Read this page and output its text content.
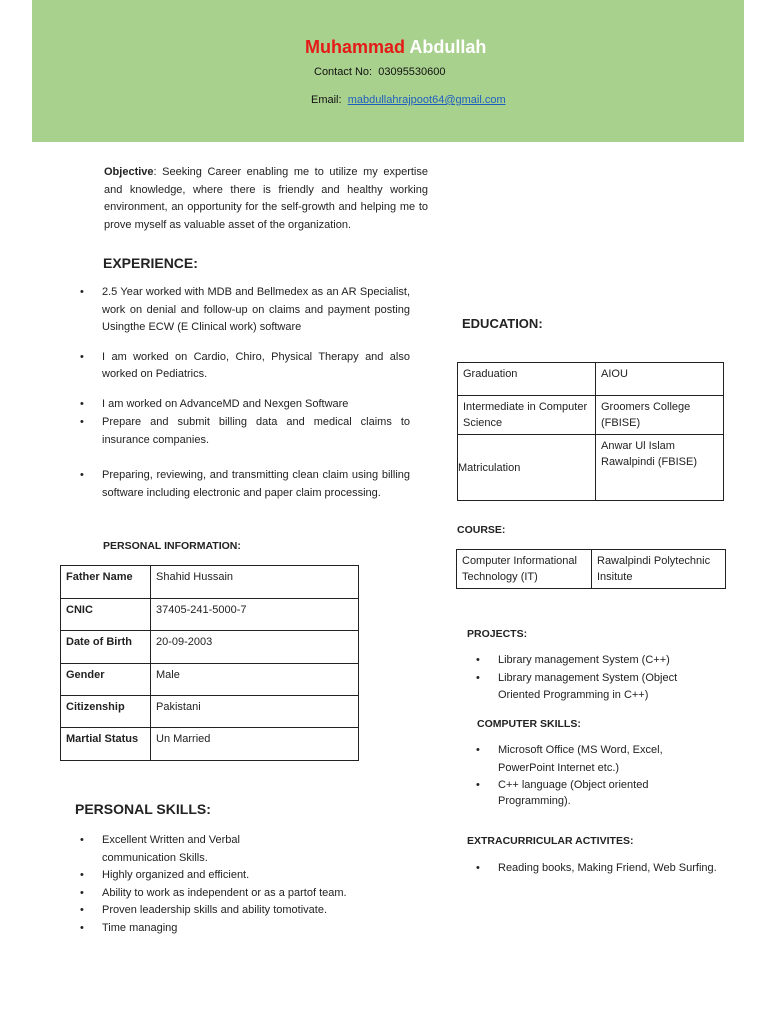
Muhammad Abdullah
Contact No: 03095530600
Email: mabdullahrajpoot64@gmail.com
Objective: Seeking Career enabling me to utilize my expertise and knowledge, where there is friendly and healthy working environment, an opportunity for the self-growth and helping me to prove myself as valuable asset of the organization.
EXPERIENCE:
• 2.5 Year worked with MDB and Bellmedex as an AR Specialist, work on denial and follow-up on claims and payment posting Usingthe ECW (E Clinical work) software
• I am worked on Cardio, Chiro, Physical Therapy and also worked on Pediatrics.
• I am worked on AdvanceMD and Nexgen Software
• Prepare and submit billing data and medical claims to insurance companies.
• Preparing, reviewing, and transmitting clean claim using billing software including electronic and paper claim processing.
PERSONAL INFORMATION:
Father Name	Shahid Hussain
CNIC	37405-241-5000-7
Date of Birth	20-09-2003
Gender	Male
Citizenship	Pakistani
Martial Status	Un Married
PERSONAL SKILLS:
• Excellent Written and Verbal communication Skills.
• Highly organized and efficient.
• Ability to work as independent or as a partof team.
• Proven leadership skills and ability tomotivate.
• Time managing
EDUCATION:
Graduation	AIOU
Intermediate in Computer Science	Groomers College (FBISE)
Matriculation	Anwar Ul Islam Rawalpindi (FBISE)
COURSE:
Computer Informational Technology (IT)	Rawalpindi Polytechnic Insitute
PROJECTS:
• Library management System (C++)
• Library management System (Object Oriented Programming in C++)
COMPUTER SKILLS:
• Microsoft Office (MS Word, Excel, PowerPoint Internet etc.)
• C++ language (Object oriented Programming).
EXTRACURRICULAR ACTIVITES:
• Reading books, Making Friend, Web Surfing.
